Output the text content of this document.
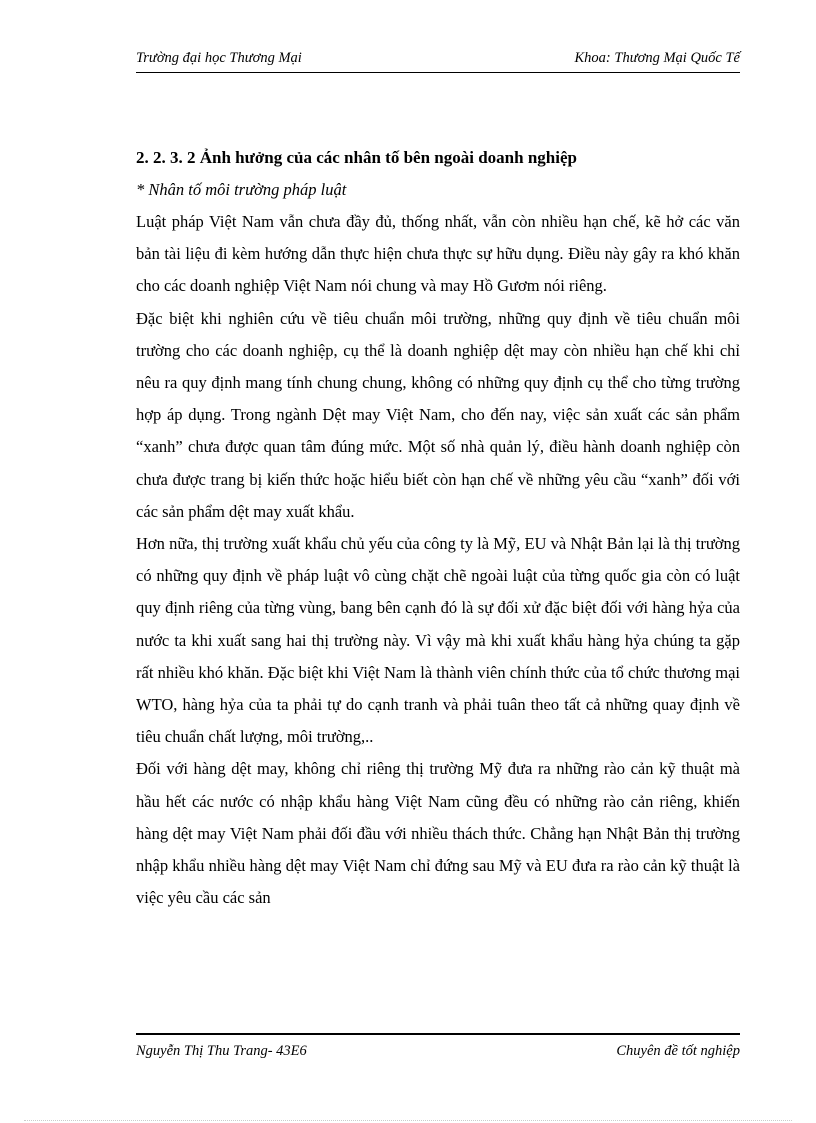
Trường đại học Thương Mại	Khoa: Thương Mại Quốc Tế
2. 2. 3. 2 Ảnh hưởng của các nhân tố bên ngoài doanh nghiệp
* Nhân tố môi trường pháp luật

Luật pháp Việt Nam vẫn chưa đầy đủ, thống nhất, vẫn còn nhiều hạn chế, kẽ hở các văn bản tài liệu đi kèm hướng dẫn thực hiện chưa thực sự hữu dụng. Điều này gây ra khó khăn cho các doanh nghiệp Việt Nam nói chung và may Hồ Gươm nói riêng.

Đặc biệt khi nghiên cứu về tiêu chuẩn môi trường, những quy định về tiêu chuẩn môi trường cho các doanh nghiệp, cụ thể là doanh nghiệp dệt may còn nhiều hạn chế khi chỉ nêu ra quy định mang tính chung chung, không có những quy định cụ thể cho từng trường hợp áp dụng. Trong ngành Dệt may Việt Nam, cho đến nay, việc sản xuất các sản phẩm “xanh” chưa được quan tâm đúng mức. Một số nhà quản lý, điều hành doanh nghiệp còn chưa được trang bị kiến thức hoặc hiểu biết còn hạn chế về những yêu cầu “xanh” đối với các sản phẩm dệt may xuất khẩu.

Hơn nữa, thị trường xuất khẩu chủ yếu của công ty là Mỹ, EU và Nhật Bản lại là thị trường có những quy định về pháp luật vô cùng chặt chẽ ngoài luật của từng quốc gia còn có luật quy định riêng của từng vùng, bang bên cạnh đó là sự đối xử đặc biệt đối với hàng hỷa của nước ta khi xuất sang hai thị trường này. Vì vậy mà khi xuất khẩu hàng hỷa chúng ta gặp rất nhiều khó khăn. Đặc biệt khi Việt Nam là thành viên chính thức của tổ chức thương mại WTO, hàng hỷa của ta phải tự do cạnh tranh và phải tuân theo tất cả những quay định về tiêu chuẩn chất lượng, môi trường,..

Đối với hàng dệt may, không chỉ riêng thị trường Mỹ đưa ra những rào cản kỹ thuật mà hầu hết các nước có nhập khẩu hàng Việt Nam cũng đều có những rào cản riêng, khiến hàng dệt may Việt Nam phải đối đầu với nhiều thách thức. Chẳng hạn Nhật Bản thị trường nhập khẩu nhiều hàng dệt may Việt Nam chỉ đứng sau Mỹ và EU đưa ra rào cản kỹ thuật là việc yêu cầu các sản

Nguyễn Thị Thu Trang- 43E6	Chuyên đề tốt nghiệp
